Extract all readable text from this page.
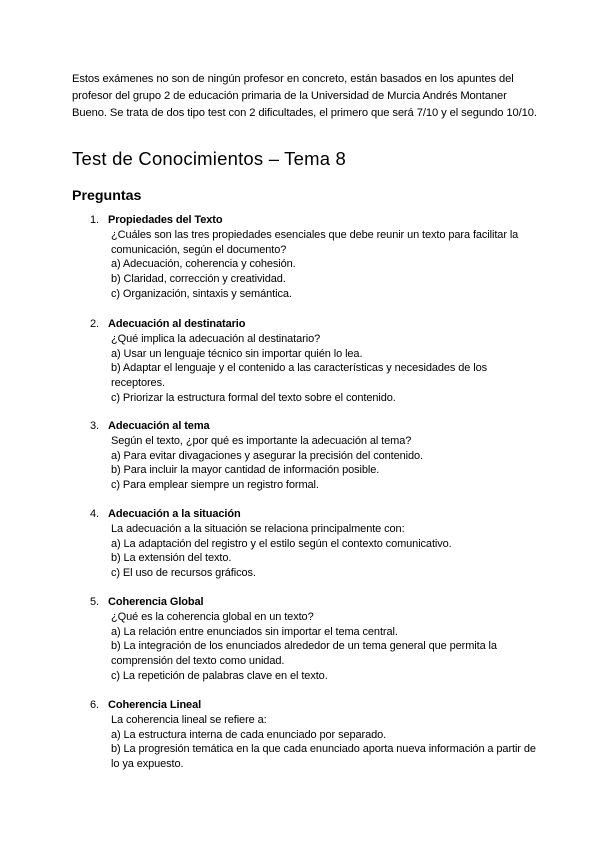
Estos exámenes no son de ningún profesor en concreto, están basados en los apuntes del profesor del grupo 2 de educación primaria de la Universidad de Murcia Andrés Montaner Bueno. Se trata de dos tipo test con 2 dificultades, el primero que será 7/10 y el segundo 10/10.

Test de Conocimientos – Tema 8
Preguntas
1. Propiedades del Texto
¿Cuáles son las tres propiedades esenciales que debe reunir un texto para facilitar la comunicación, según el documento?
a) Adecuación, coherencia y cohesión.
b) Claridad, corrección y creatividad.
c) Organización, sintaxis y semántica.
2. Adecuación al destinatario
¿Qué implica la adecuación al destinatario?
a) Usar un lenguaje técnico sin importar quién lo lea.
b) Adaptar el lenguaje y el contenido a las características y necesidades de los receptores.
c) Priorizar la estructura formal del texto sobre el contenido.
3. Adecuación al tema
Según el texto, ¿por qué es importante la adecuación al tema?
a) Para evitar divagaciones y asegurar la precisión del contenido.
b) Para incluir la mayor cantidad de información posible.
c) Para emplear siempre un registro formal.
4. Adecuación a la situación
La adecuación a la situación se relaciona principalmente con:
a) La adaptación del registro y el estilo según el contexto comunicativo.
b) La extensión del texto.
c) El uso de recursos gráficos.
5. Coherencia Global
¿Qué es la coherencia global en un texto?
a) La relación entre enunciados sin importar el tema central.
b) La integración de los enunciados alrededor de un tema general que permita la comprensión del texto como unidad.
c) La repetición de palabras clave en el texto.
6. Coherencia Lineal
La coherencia lineal se refiere a:
a) La estructura interna de cada enunciado por separado.
b) La progresión temática en la que cada enunciado aporta nueva información a partir de lo ya expuesto.
